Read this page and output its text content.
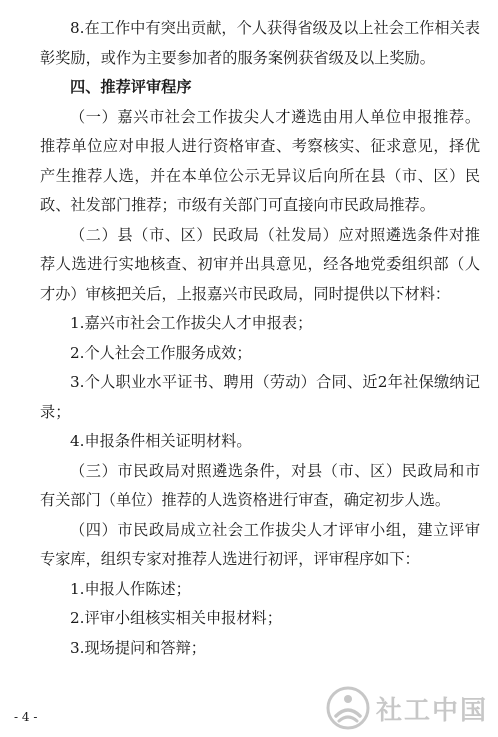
8.在工作中有突出贡献，个人获得省级及以上社会工作相关表彰奖励，或作为主要参加者的服务案例获省级及以上奖励。

四、推荐评审程序

（一）嘉兴市社会工作拔尖人才遴选由用人单位申报推荐。推荐单位应对申报人进行资格审查、考察核实、征求意见，择优产生推荐人选，并在本单位公示无异议后向所在县（市、区）民政、社发部门推荐；市级有关部门可直接向市民政局推荐。

（二）县（市、区）民政局（社发局）应对照遴选条件对推荐人选进行实地核查、初审并出具意见，经各地党委组织部（人才办）审核把关后，上报嘉兴市民政局，同时提供以下材料：

1.嘉兴市社会工作拔尖人才申报表；

2.个人社会工作服务成效；

3.个人职业水平证书、聘用（劳动）合同、近2年社保缴纳记录；

4.申报条件相关证明材料。

（三）市民政局对照遴选条件，对县（市、区）民政局和市有关部门（单位）推荐的人选资格进行审查，确定初步人选。

（四）市民政局成立社会工作拔尖人才评审小组，建立评审专家库，组织专家对推荐人选进行初评，评审程序如下：

1.申报人作陈述；

2.评审小组核实相关申报材料；

3.现场提问和答辩；

- 4 -	社工中国
